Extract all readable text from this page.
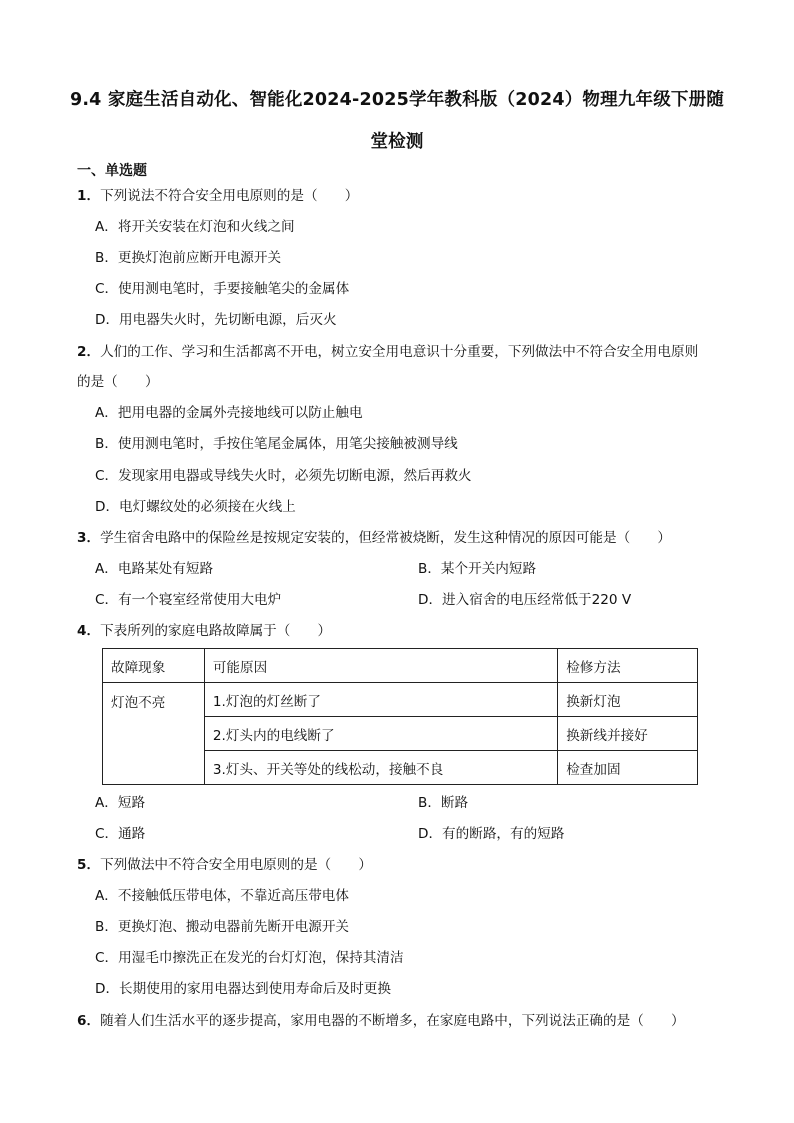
9.4 家庭生活自动化、智能化2024-2025学年教科版（2024）物理九年级下册随
堂检测
一、单选题
1．下列说法不符合安全用电原则的是（　　）
A．将开关安装在灯泡和火线之间
B．更换灯泡前应断开电源开关
C．使用测电笔时，手要接触笔尖的金属体
D．用电器失火时，先切断电源，后灭火
2．人们的工作、学习和生活都离不开电，树立安全用电意识十分重要，下列做法中不符合安全用电原则
的是（　　）
A．把用电器的金属外壳接地线可以防止触电
B．使用测电笔时，手按住笔尾金属体，用笔尖接触被测导线
C．发现家用电器或导线失火时，必须先切断电源，然后再救火
D．电灯螺纹处的必须接在火线上
3．学生宿舍电路中的保险丝是按规定安装的，但经常被烧断，发生这种情况的原因可能是（　　）
A．电路某处有短路	B．某个开关内短路
C．有一个寝室经常使用大电炉	D．进入宿舍的电压经常低于220 V
4．下表所列的家庭电路故障属于（　　）
故障现象	可能原因	检修方法
灯泡不亮	1.灯泡的灯丝断了	换新灯泡
	2.灯头内的电线断了	换新线并接好
	3.灯头、开关等处的线松动，接触不良	检查加固
A．短路	B．断路
C．通路	D．有的断路，有的短路
5．下列做法中不符合安全用电原则的是（　　）
A．不接触低压带电体，不靠近高压带电体
B．更换灯泡、搬动电器前先断开电源开关
C．用湿毛巾擦洗正在发光的台灯灯泡，保持其清洁
D．长期使用的家用电器达到使用寿命后及时更换
6．随着人们生活水平的逐步提高，家用电器的不断增多，在家庭电路中，下列说法正确的是（　　）
